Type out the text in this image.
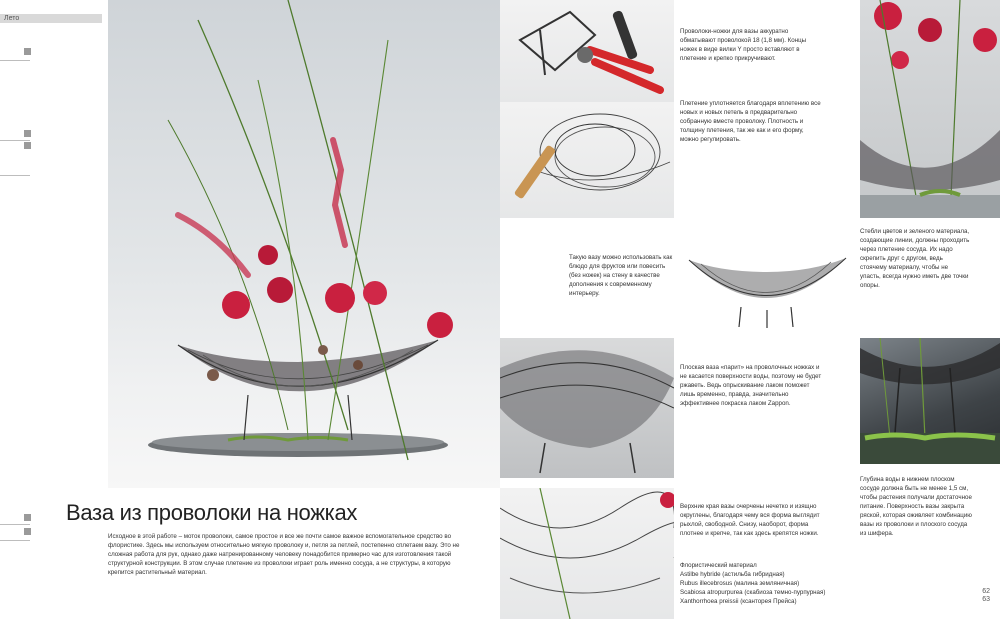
Лето
Ваза из проволоки на ножках
Исходное в этой работе – моток проволоки, самое простое и все же почти самое важное вспомогательное средство во флористике. Здесь мы используем относительно мягкую проволоку и, петля за петлей, постепенно сплетаем вазу. Это не сложная работа для рук, однако даже натренированному человеку понадобится примерно час для изготовления такой структурной конструкции. В этом случае плетение из проволоки играет роль именно сосуда, а не структуры, в которую крепится растительный материал.
Проволоки-ножки для вазы аккуратно обматывают проволокой 18 (1,8 мм). Концы ножек в виде вилки Y просто вставляют в плетение и крепко прикручивают.
Плетение уплотняется благодаря вплетению все новых и новых петель в предварительно собранную вместе проволоку. Плотность и толщину плетения, так же как и его форму, можно регулировать.
Такую вазу можно использовать как блюдо для фруктов или повесить (без ножек) на стену в качестве дополнения к современному интерьеру.
Плоская ваза «парит» на проволочных ножках и не касается поверхности воды, поэтому не будет ржаветь. Ведь опрыскивание лаком поможет лишь временно, правда, значительно эффективнее покраска лаком Zappon.
Верхние края вазы очерчены нечетко и изящно округлены, благодаря чему вся форма выглядит рыхлой, свободной. Снизу, наоборот, форма плотнее и крепче, так как здесь крепятся ножки.

Флористический материал

Astilbe hybride (астильба гибридная)

Rubus illecebrosus (малина земляничная)

Scabiosa atropurpurea (скабиоза темно-пурпурная)

Xanthorrhoea preissii (ксанторея Прейса)

Стебли цветов и зеленого материала, создающие линии, должны проходить через плетение сосуда. Их надо скрепить друг с другом, ведь стоячему материалу, чтобы не упасть, всегда нужно иметь две точки опоры.
Глубина воды в нижнем плоском сосуде должна быть не менее 1,5 см, чтобы растения получали достаточное питание. Поверхность вазы закрыта ряской, которая оживляет комбинацию вазы из проволоки и плоского сосуда из шифера.
62
63
